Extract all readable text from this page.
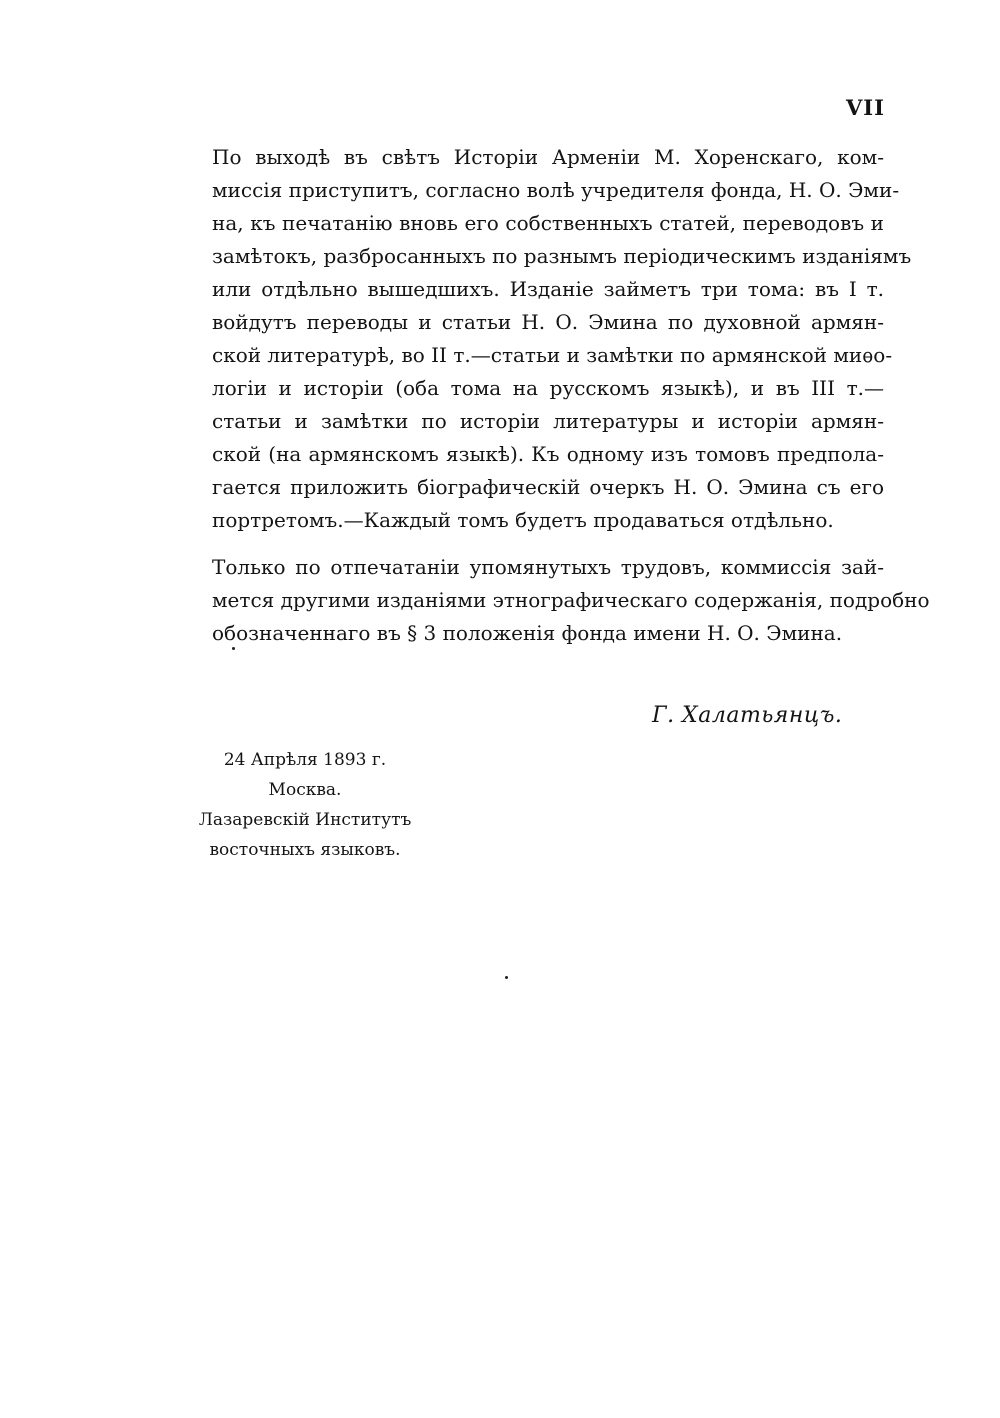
VII
По выходѣ въ свѣтъ Исторіи Арменіи М. Хоренскаго, ком-
миссія приступитъ, согласно волѣ учредителя фонда, Н. О. Эми-
на, къ печатанію вновь его собственныхъ статей, переводовъ и
замѣтокъ, разбросанныхъ по разнымъ періодическимъ изданіямъ
или отдѣльно вышедшихъ. Изданіе займетъ три тома: въ I т.
войдутъ переводы и статьи Н. О. Эмина по духовной армян-
ской литературѣ, во II т.—статьи и замѣтки по армянской миѳо-
логіи и исторіи (оба тома на русскомъ языкѣ), и въ III т.—
статьи и замѣтки по исторіи литературы и исторіи армян-
ской (на армянскомъ языкѣ). Къ одному изъ томовъ предпола-
гается приложить біографическій очеркъ Н. О. Эмина съ его
портретомъ.—Каждый томъ будетъ продаваться отдѣльно.
Только по отпечатаніи упомянутыхъ трудовъ, коммиссія зай-
мется другими изданіями этнографическаго содержанія, подробно
обозначеннаго въ § 3 положенія фонда имени Н. О. Эмина.
Г. Халатьянцъ.
24 Апрѣля 1893 г.
Москва.
Лазаревскій Институтъ
восточныхъ языковъ.
